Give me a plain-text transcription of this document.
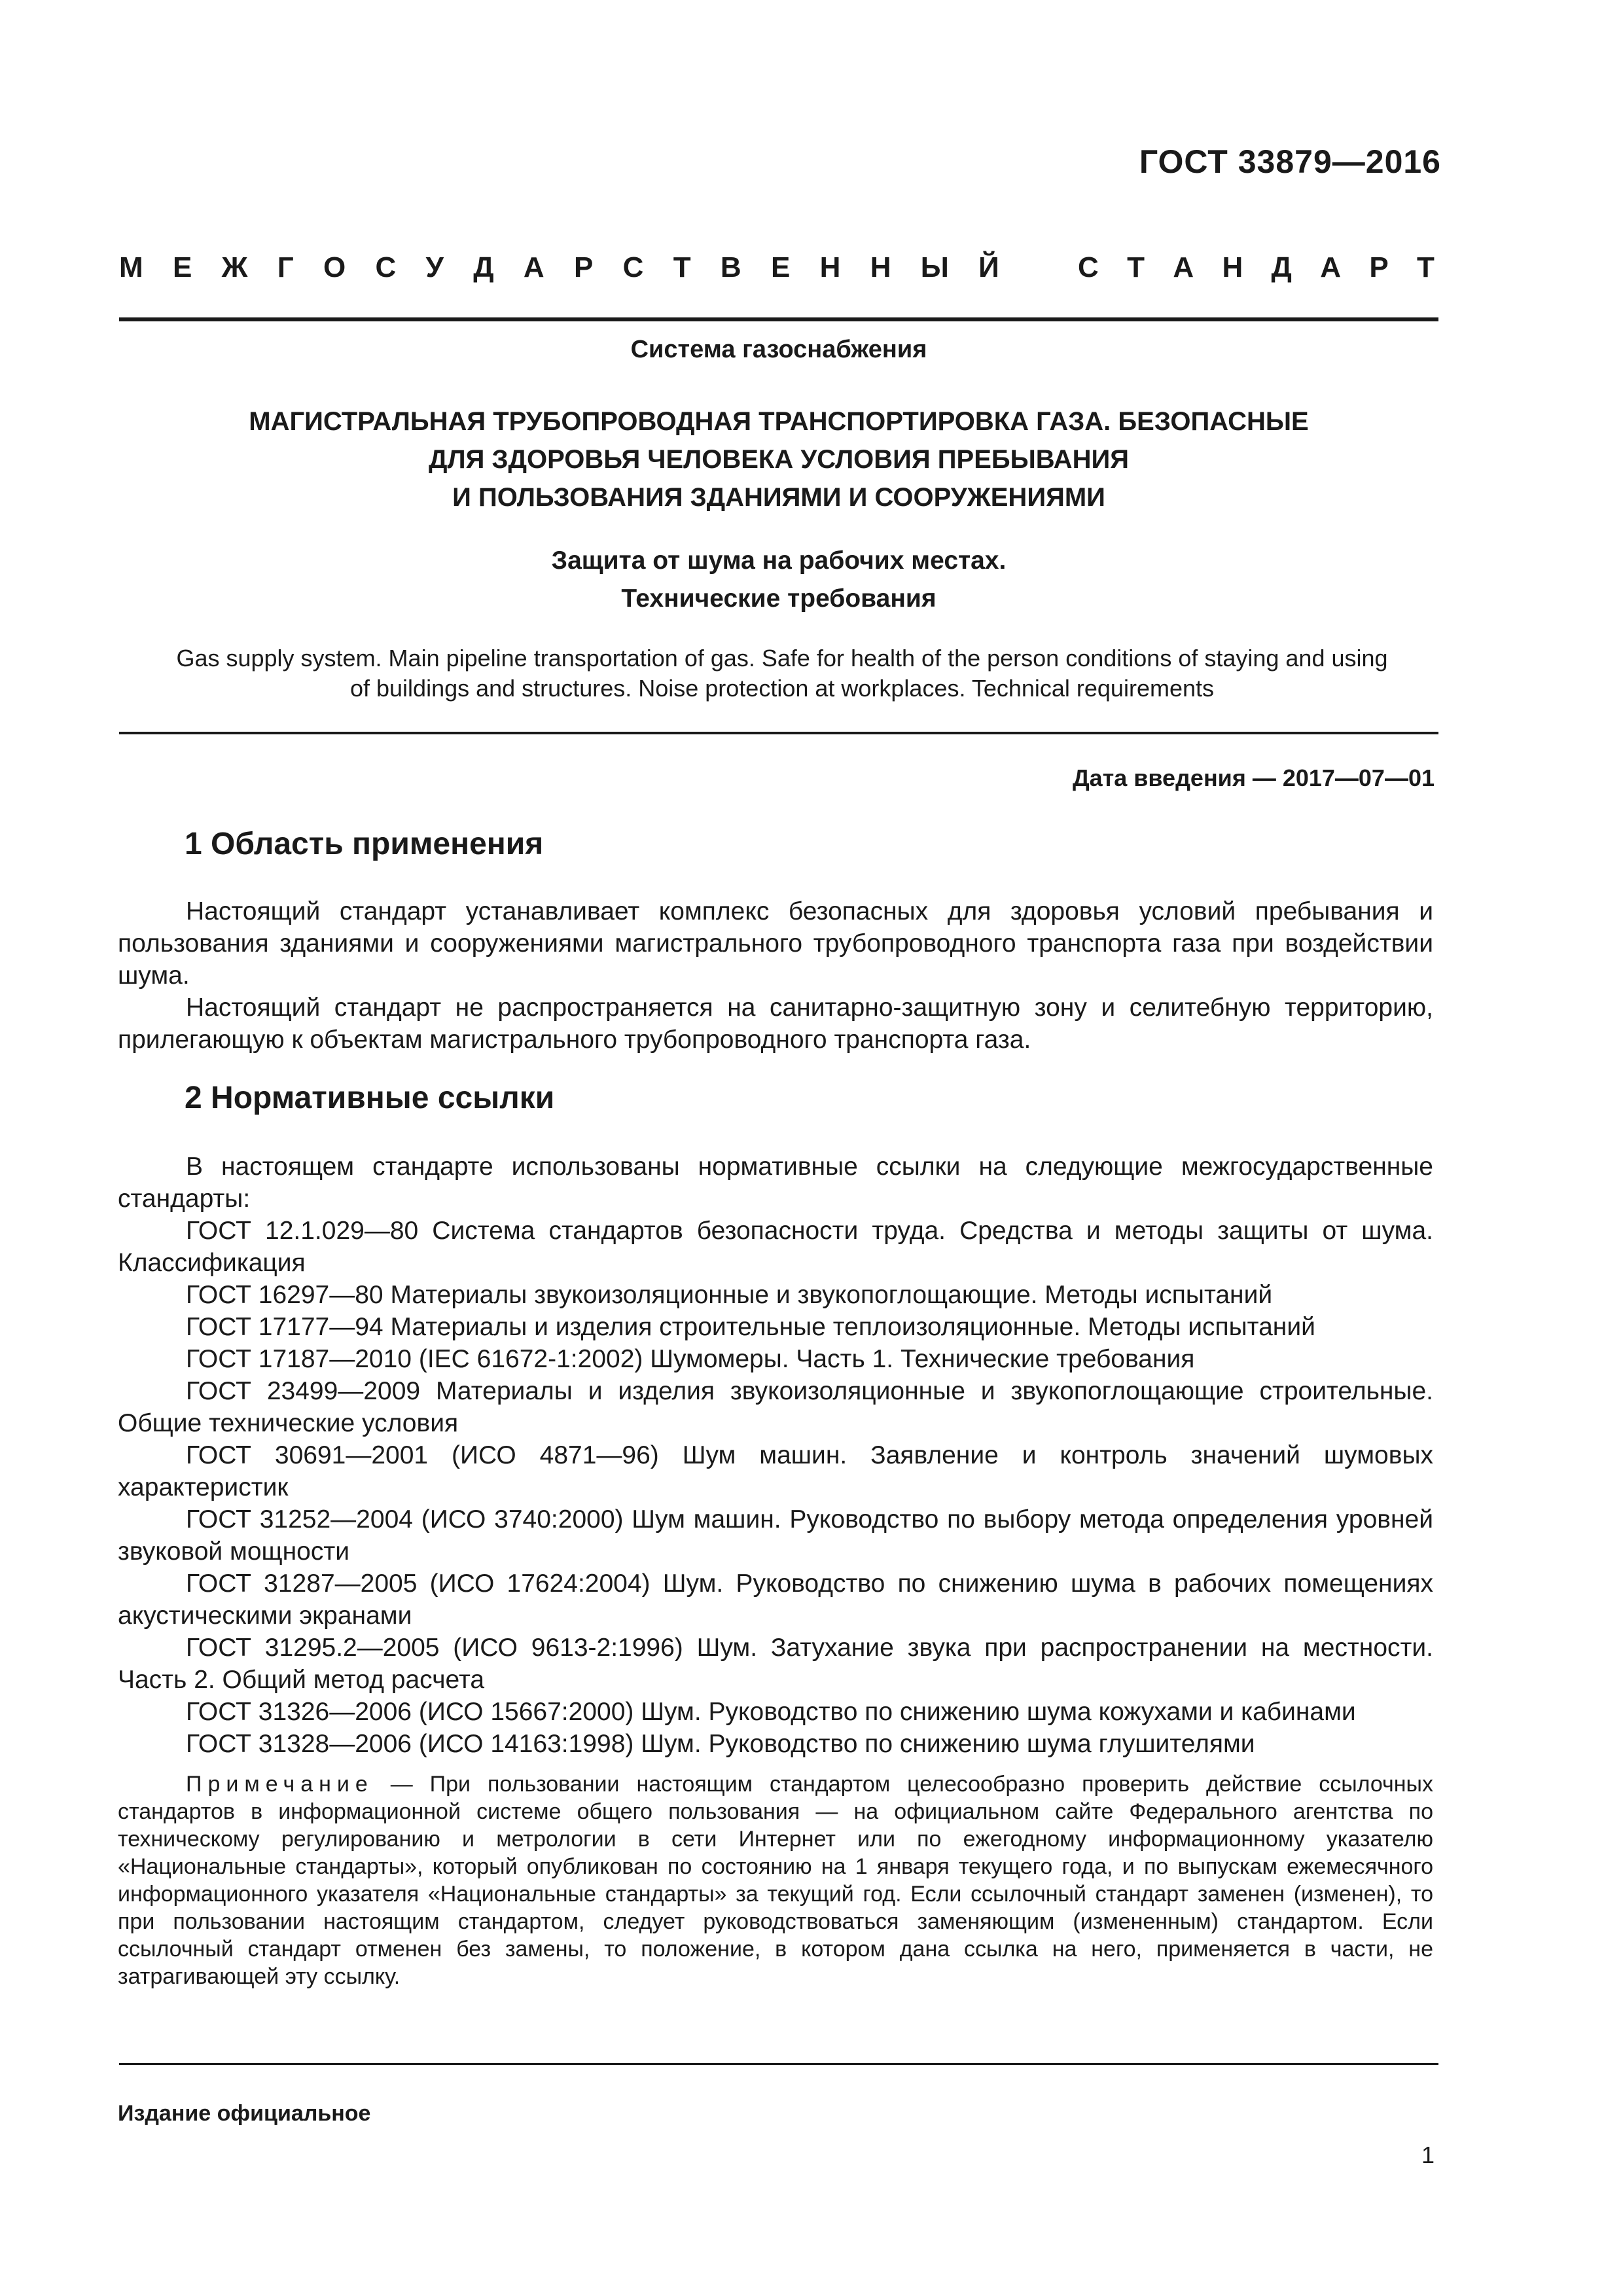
ГОСТ 33879—2016
М Е Ж Г О С У Д А Р С Т В Е Н Н Ы Й	С Т А Н Д А Р Т
Система газоснабжения
МАГИСТРАЛЬНАЯ ТРУБОПРОВОДНАЯ ТРАНСПОРТИРОВКА ГАЗА. БЕЗОПАСНЫЕ
ДЛЯ ЗДОРОВЬЯ ЧЕЛОВЕКА УСЛОВИЯ ПРЕБЫВАНИЯ
И ПОЛЬЗОВАНИЯ ЗДАНИЯМИ И СООРУЖЕНИЯМИ
Защита от шума на рабочих местах.
Технические требования
Gas supply system. Main pipeline transportation of gas. Safe for health of the person conditions of staying and using
of buildings and structures. Noise protection at workplaces. Technical requirements
Дата введения — 2017—07—01
1 Область применения

Настоящий стандарт устанавливает комплекс безопасных для здоровья условий пребывания и пользования зданиями и сооружениями магистрального трубопроводного транспорта газа при воздействии шума.

Настоящий стандарт не распространяется на санитарно-защитную зону и селитебную территорию, прилегающую к объектам магистрального трубопроводного транспорта газа.

2 Нормативные ссылки

В настоящем стандарте использованы нормативные ссылки на следующие межгосударственные стандарты:

ГОСТ 12.1.029—80 Система стандартов безопасности труда. Средства и методы защиты от шума. Классификация

ГОСТ 16297—80 Материалы звукоизоляционные и звукопоглощающие. Методы испытаний

ГОСТ 17177—94 Материалы и изделия строительные теплоизоляционные. Методы испытаний

ГОСТ 17187—2010 (IEC 61672-1:2002) Шумомеры. Часть 1. Технические требования

ГОСТ 23499—2009 Материалы и изделия звукоизоляционные и звукопоглощающие строительные. Общие технические условия

ГОСТ 30691—2001 (ИСО 4871—96) Шум машин. Заявление и контроль значений шумовых характеристик

ГОСТ 31252—2004 (ИСО 3740:2000) Шум машин. Руководство по выбору метода определения уровней звуковой мощности

ГОСТ 31287—2005 (ИСО 17624:2004) Шум. Руководство по снижению шума в рабочих помещениях акустическими экранами

ГОСТ 31295.2—2005 (ИСО 9613-2:1996) Шум. Затухание звука при распространении на местности. Часть 2. Общий метод расчета

ГОСТ 31326—2006 (ИСО 15667:2000) Шум. Руководство по снижению шума кожухами и кабинами

ГОСТ 31328—2006 (ИСО 14163:1998) Шум. Руководство по снижению шума глушителями

Примечание — При пользовании настоящим стандартом целесообразно проверить действие ссылочных стандартов в информационной системе общего пользования — на официальном сайте Федерального агентства по техническому регулированию и метрологии в сети Интернет или по ежегодному информационному указателю «Национальные стандарты», который опубликован по состоянию на 1 января текущего года, и по выпускам ежемесячного информационного указателя «Национальные стандарты» за текущий год. Если ссылочный стандарт заменен (изменен), то при пользовании настоящим стандартом, следует руководствоваться заменяющим (измененным) стандартом. Если ссылочный стандарт отменен без замены, то положение, в котором дана ссылка на него, применяется в части, не затрагивающей эту ссылку.

Издание официальное
1
